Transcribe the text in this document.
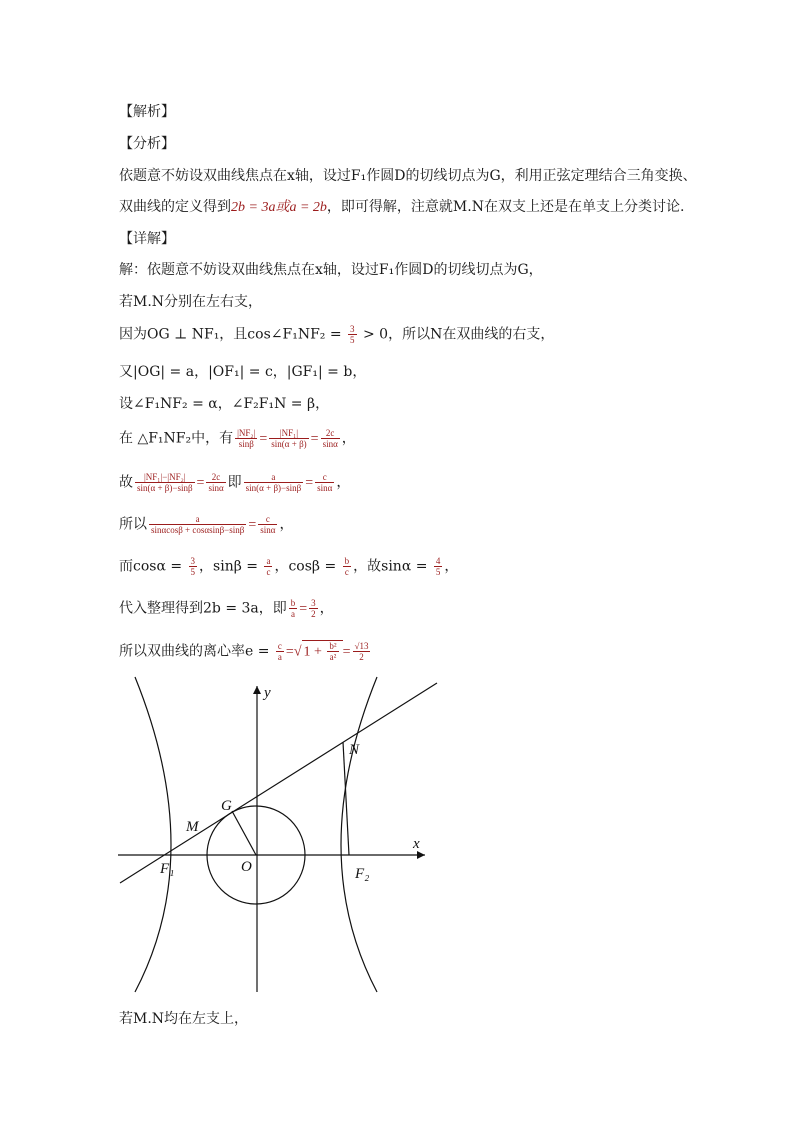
【解析】
【分析】
依题意不妨设双曲线焦点在x轴，设过F₁作圆D的切线切点为G，利用正弦定理结合三角变换、
双曲线的定义得到2b = 3a或a = 2b，即可得解，注意就M.N在双支上还是在单支上分类讨论.
【详解】
解：依题意不妨设双曲线焦点在x轴，设过F₁作圆D的切线切点为G，
若M.N分别在左右支，
因为OG ⊥ NF₁，且cos∠F₁NF₂ = $\frac{3}{5} > 0$，所以N在双曲线的右支，
又|OG| = a，|OF₁| = c，|GF₁| = b，
设∠F₁NF₂ = α，∠F₂F₁N = β，
在 △F₁NF₂中，有 $\frac{\text{|NF₂|}}{\sin\beta} = \frac{\text{|NF₁|}}{\sin(\alpha + \beta)} = \frac{2c}{\sin\alpha}$ ，
故 $\frac{\text{|NF₁|−|NF₂|}}{\sin(\alpha + \beta)-\sin\beta} = \frac{2c}{\sin\alpha}$ 即 $\frac{a}{\sin(\alpha + \beta)-\sin\beta} = \frac{c}{\sin\alpha}$ ，
所以 $\frac{a}{\sin\alpha\cos\beta + \cos\alpha\sin\beta-\sin\beta} = \frac{c}{\sin\alpha}$ ，
而$\cos\alpha = \frac{3}{5}$ ，$\sin\beta = \frac{a}{c}$ ，$\cos\beta = \frac{b}{c}$ ，故$\sin\alpha = \frac{4}{5}$ ，
代入整理得到2b = 3a，即 $\frac{b}{a} = \frac{3}{2}$ ，
所以双曲线的离心率$e = \frac{c}{a}$ =√ $1 + \frac{\text{b²}}{\text{a²}} = \frac{√13}{2}$
y
x
G
M
N
O
F₁	F₂
若M.N均在左支上，
